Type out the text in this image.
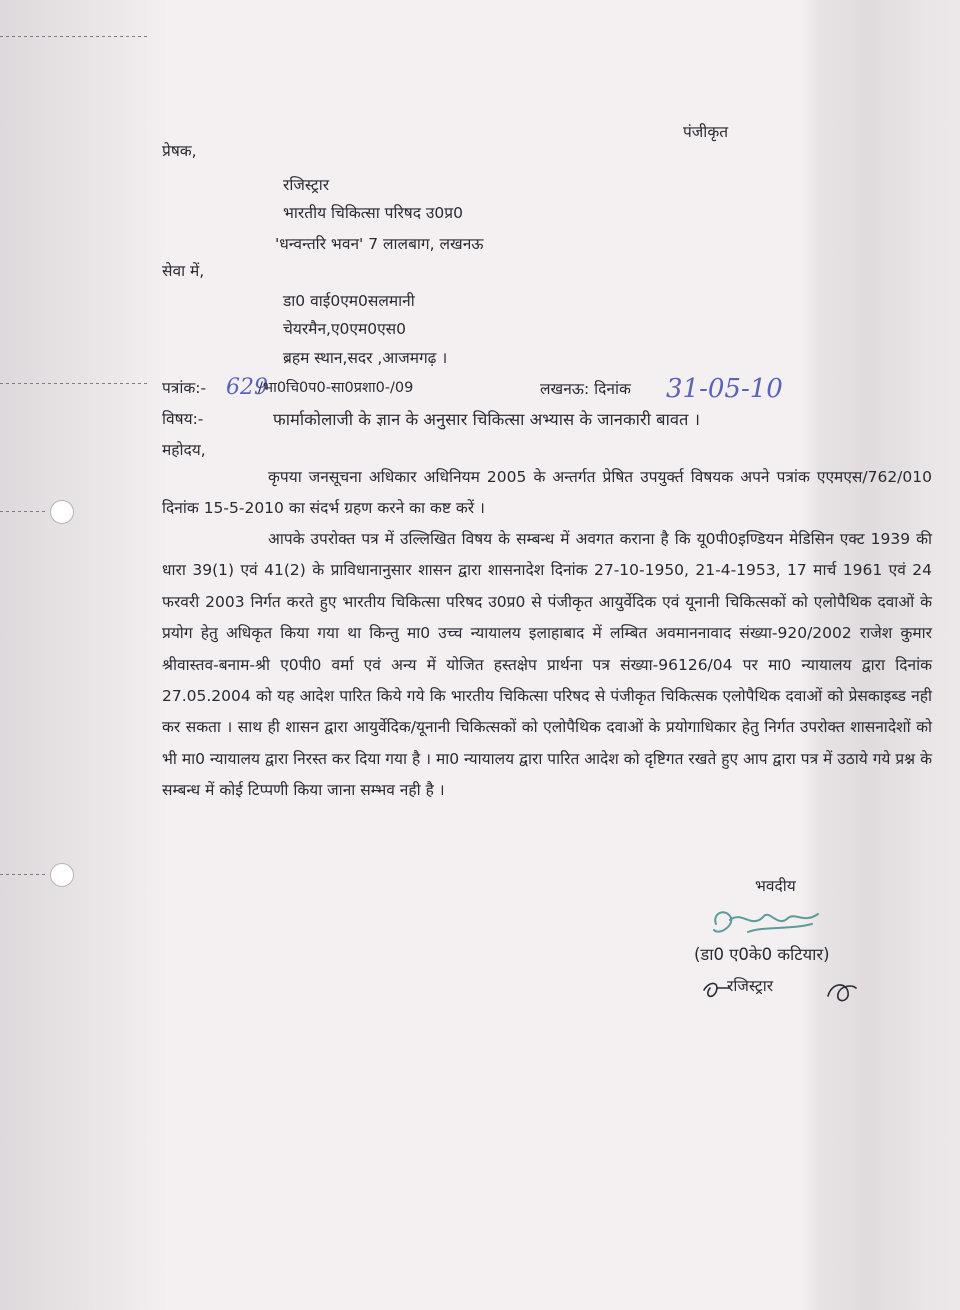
पंजीकृत
प्रेषक,
रजिस्ट्रार
भारतीय चिकित्सा परिषद उ0प्र0
'धन्वन्तरि भवन' 7 लालबाग, लखनऊ
सेवा में,
डा0 वाई0एम0सलमानी
चेयरमैन,ए0एम0एस0
ब्रहम स्थान,सदर ,आजमगढ़ ।
पत्रांक:- 629
/भा0चि0प0-सा0प्रशा0-/09	लखनऊ: दिनांक 31-05-10
विषय:-	फार्माकोलाजी के ज्ञान के अनुसार चिकित्सा अभ्यास के जानकारी बावत ।
महोदय,
कृपया जनसूचना अधिकार अधिनियम 2005 के अन्तर्गत प्रेषित उपयुर्क्त विषयक अपने पत्रांक एएमएस/762/010 दिनांक 15-5-2010 का संदर्भ ग्रहण करने का कष्ट करें ।
आपके उपरोक्त पत्र में उल्लिखित विषय के सम्बन्ध में अवगत कराना है कि यू0पी0इण्डियन मेडिसिन एक्ट 1939 की धारा 39(1) एवं 41(2) के प्राविधानानुसार शासन द्वारा शासनादेश दिनांक 27-10-1950, 21-4-1953, 17 मार्च 1961 एवं 24 फरवरी 2003 निर्गत करते हुए भारतीय चिकित्सा परिषद उ0प्र0 से पंजीकृत आयुर्वेदिक एवं यूनानी चिकित्सकों को एलोपैथिक दवाओं के प्रयोग हेतु अधिकृत किया गया था किन्तु मा0 उच्च न्यायालय इलाहाबाद में लम्बित अवमाननावाद संख्या-920/2002 राजेश कुमार श्रीवास्तव-बनाम-श्री ए0पी0 वर्मा एवं अन्य में योजित हस्तक्षेप प्रार्थना पत्र संख्या-96126/04 पर मा0 न्यायालय द्वारा दिनांक 27.05.2004 को यह आदेश पारित किये गये कि भारतीय चिकित्सा परिषद से पंजीकृत चिकित्सक एलोपैथिक दवाओं को प्रेसकाइब्ड नही कर सकता । साथ ही शासन द्वारा आयुर्वेदिक/यूनानी चिकित्सकों को एलोपैथिक दवाओं के प्रयोगाधिकार हेतु निर्गत उपरोक्त शासनादेशों को भी मा0 न्यायालय द्वारा निरस्त कर दिया गया है । मा0 न्यायालय द्वारा पारित आदेश को दृष्टिगत रखते हुए आप द्वारा पत्र में उठाये गये प्रश्न के सम्बन्ध में कोई टिप्पणी किया जाना सम्भव नही है ।
भवदीय
(डा0 ए0के0 कटियार)
रजिस्ट्रार
